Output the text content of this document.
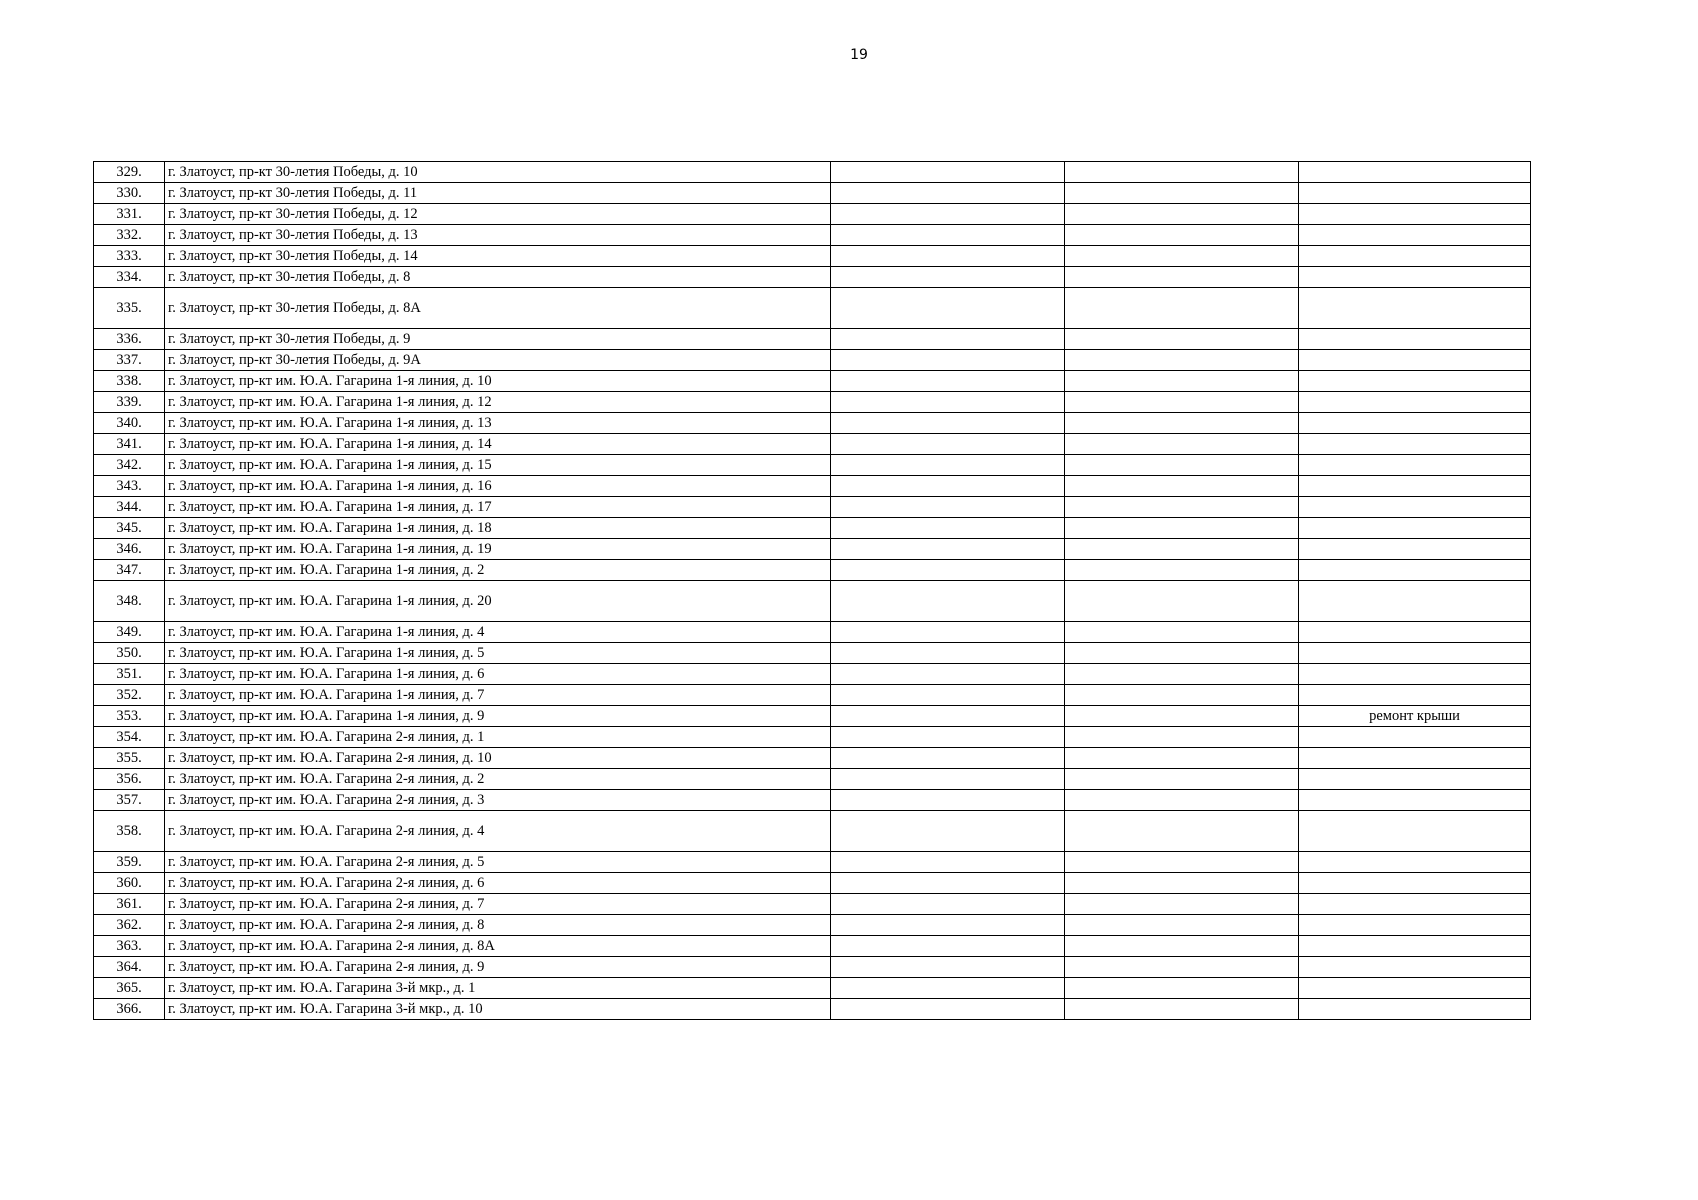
19
329.	г. Златоуст, пр-кт 30-летия Победы, д. 10			
330.	г. Златоуст, пр-кт 30-летия Победы, д. 11			
331.	г. Златоуст, пр-кт 30-летия Победы, д. 12			
332.	г. Златоуст, пр-кт 30-летия Победы, д. 13			
333.	г. Златоуст, пр-кт 30-летия Победы, д. 14			
334.	г. Златоуст, пр-кт 30-летия Победы, д. 8			
335.	г. Златоуст, пр-кт 30-летия Победы, д. 8А			
336.	г. Златоуст, пр-кт 30-летия Победы, д. 9			
337.	г. Златоуст, пр-кт 30-летия Победы, д. 9А			
338.	г. Златоуст, пр-кт им. Ю.А. Гагарина 1-я линия, д. 10			
339.	г. Златоуст, пр-кт им. Ю.А. Гагарина 1-я линия, д. 12			
340.	г. Златоуст, пр-кт им. Ю.А. Гагарина 1-я линия, д. 13			
341.	г. Златоуст, пр-кт им. Ю.А. Гагарина 1-я линия, д. 14			
342.	г. Златоуст, пр-кт им. Ю.А. Гагарина 1-я линия, д. 15			
343.	г. Златоуст, пр-кт им. Ю.А. Гагарина 1-я линия, д. 16			
344.	г. Златоуст, пр-кт им. Ю.А. Гагарина 1-я линия, д. 17			
345.	г. Златоуст, пр-кт им. Ю.А. Гагарина 1-я линия, д. 18			
346.	г. Златоуст, пр-кт им. Ю.А. Гагарина 1-я линия, д. 19			
347.	г. Златоуст, пр-кт им. Ю.А. Гагарина 1-я линия, д. 2			
348.	г. Златоуст, пр-кт им. Ю.А. Гагарина 1-я линия, д. 20			
349.	г. Златоуст, пр-кт им. Ю.А. Гагарина 1-я линия, д. 4			
350.	г. Златоуст, пр-кт им. Ю.А. Гагарина 1-я линия, д. 5			
351.	г. Златоуст, пр-кт им. Ю.А. Гагарина 1-я линия, д. 6			
352.	г. Златоуст, пр-кт им. Ю.А. Гагарина 1-я линия, д. 7			
353.	г. Златоуст, пр-кт им. Ю.А. Гагарина 1-я линия, д. 9			ремонт крыши
354.	г. Златоуст, пр-кт им. Ю.А. Гагарина 2-я линия, д. 1			
355.	г. Златоуст, пр-кт им. Ю.А. Гагарина 2-я линия, д. 10			
356.	г. Златоуст, пр-кт им. Ю.А. Гагарина 2-я линия, д. 2			
357.	г. Златоуст, пр-кт им. Ю.А. Гагарина 2-я линия, д. 3			
358.	г. Златоуст, пр-кт им. Ю.А. Гагарина 2-я линия, д. 4			
359.	г. Златоуст, пр-кт им. Ю.А. Гагарина 2-я линия, д. 5			
360.	г. Златоуст, пр-кт им. Ю.А. Гагарина 2-я линия, д. 6			
361.	г. Златоуст, пр-кт им. Ю.А. Гагарина 2-я линия, д. 7			
362.	г. Златоуст, пр-кт им. Ю.А. Гагарина 2-я линия, д. 8			
363.	г. Златоуст, пр-кт им. Ю.А. Гагарина 2-я линия, д. 8А			
364.	г. Златоуст, пр-кт им. Ю.А. Гагарина 2-я линия, д. 9			
365.	г. Златоуст, пр-кт им. Ю.А. Гагарина 3-й мкр., д. 1			
366.	г. Златоуст, пр-кт им. Ю.А. Гагарина 3-й мкр., д. 10			
